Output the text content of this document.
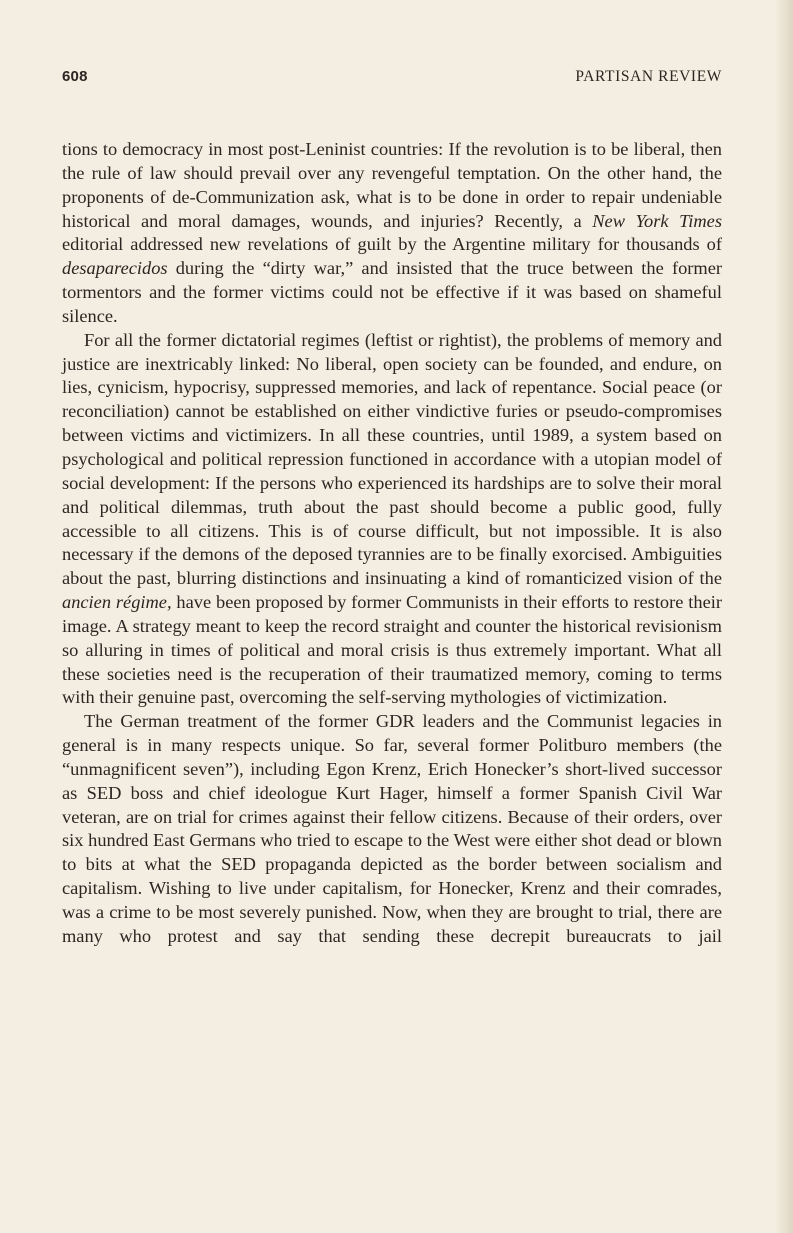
608	PARTISAN REVIEW

tions to democracy in most post-Leninist countries: If the revolution is to be liberal, then the rule of law should prevail over any revengeful temptation. On the other hand, the proponents of de-Communization ask, what is to be done in order to repair undeniable historical and moral damages, wounds, and injuries? Recently, a New York Times editorial addressed new revelations of guilt by the Argentine military for thousands of desaparecidos during the “dirty war,” and insisted that the truce between the former tormentors and the former victims could not be effective if it was based on shameful silence.

For all the former dictatorial regimes (leftist or rightist), the problems of memory and justice are inextricably linked: No liberal, open society can be founded, and endure, on lies, cynicism, hypocrisy, suppressed memories, and lack of repentance. Social peace (or reconciliation) cannot be established on either vindictive furies or pseudo-compromises between victims and victimizers. In all these countries, until 1989, a system based on psychological and political repression functioned in accordance with a utopian model of social development: If the persons who experienced its hardships are to solve their moral and political dilemmas, truth about the past should become a public good, fully accessible to all citizens. This is of course difficult, but not impossible. It is also necessary if the demons of the deposed tyrannies are to be finally exorcised. Ambiguities about the past, blurring distinctions and insinuating a kind of romanticized vision of the ancien régime, have been proposed by former Communists in their efforts to restore their image. A strategy meant to keep the record straight and counter the historical revisionism so alluring in times of political and moral crisis is thus extremely important. What all these societies need is the recuperation of their traumatized memory, coming to terms with their genuine past, overcoming the self-serving mythologies of victimization.

The German treatment of the former GDR leaders and the Communist legacies in general is in many respects unique. So far, several former Politburo members (the “unmagnificent seven”), including Egon Krenz, Erich Honecker’s short-lived successor as SED boss and chief ideologue Kurt Hager, himself a former Spanish Civil War veteran, are on trial for crimes against their fellow citizens. Because of their orders, over six hundred East Germans who tried to escape to the West were either shot dead or blown to bits at what the SED propaganda depicted as the border between socialism and capitalism. Wishing to live under capitalism, for Honecker, Krenz and their comrades, was a crime to be most severely punished. Now, when they are brought to trial, there are many who protest and say that sending these decrepit bureaucrats to jail
